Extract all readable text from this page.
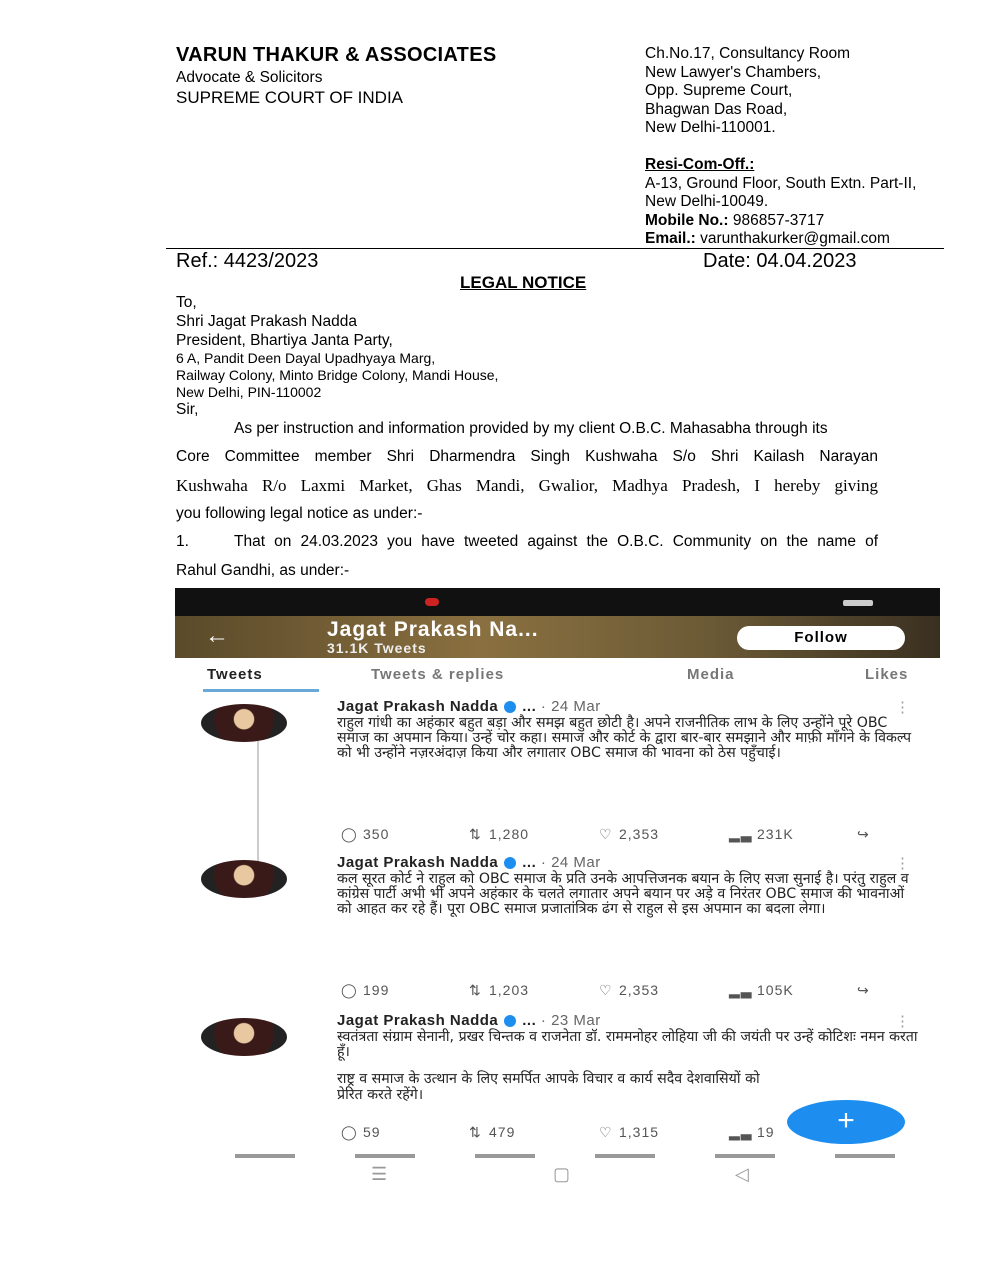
VARUN THAKUR & ASSOCIATES
Advocate & Solicitors
SUPREME COURT OF INDIA
Ch.No.17, Consultancy Room
New Lawyer's Chambers,
Opp. Supreme Court,
Bhagwan Das Road,
New Delhi-110001.
Resi-Com-Off.:
A-13, Ground Floor, South Extn. Part-II,
New Delhi-10049.
Mobile No.: 986857-3717
Email.: varunthakurker@gmail.com
Ref.: 4423/2023	Date: 04.04.2023
LEGAL NOTICE
To,
Shri Jagat Prakash Nadda
President, Bhartiya Janta Party,
6 A, Pandit Deen Dayal Upadhyaya Marg,
Railway Colony, Minto Bridge Colony, Mandi House,
New Delhi, PIN-110002
Sir,
As per instruction and information provided by my client O.B.C. Mahasabha through its
Core Committee member Shri Dharmendra Singh Kushwaha S/o Shri Kailash Narayan
Kushwaha R/o Laxmi Market, Ghas Mandi, Gwalior, Madhya Pradesh, I hereby giving
you following legal notice as under:-
1.	That on 24.03.2023 you have tweeted against the O.B.C. Community on the name of
Rahul Gandhi, as under:-
←	Jagat Prakash Na...
31.1K Tweets
Follow
Tweets	Tweets & replies	Media	Likes
Jagat Prakash Nadda ... · 24 Mar	⋮
राहुल गांधी का अहंकार बहुत बड़ा और समझ बहुत छोटी है। अपने राजनीतिक लाभ के लिए उन्होंने पूरे OBC समाज का अपमान किया। उन्हें चोर कहा। समाज और कोर्ट के द्वारा बार-बार समझाने और माफ़ी माँगने के विकल्प को भी उन्होंने नज़रअंदाज़ किया और लगातार OBC समाज की भावना को ठेस पहुँचाई।
◯ 350	⇅ 1,280	♡ 2,353	▂▃ 231K	↪
Jagat Prakash Nadda ... · 24 Mar	⋮
कल सूरत कोर्ट ने राहुल को OBC समाज के प्रति उनके आपत्तिजनक बयान के लिए सजा सुनाई है। परंतु राहुल व कांग्रेस पार्टी अभी भी अपने अहंकार के चलते लगातार अपने बयान पर अड़े व निरंतर OBC समाज की भावनाओं को आहत कर रहे हैं। पूरा OBC समाज प्रजातांत्रिक ढंग से राहुल से इस अपमान का बदला लेगा।
◯ 199	⇅ 1,203	♡ 2,353	▂▃ 105K	↪
Jagat Prakash Nadda ... · 23 Mar	⋮
स्वतंत्रता संग्राम सेनानी, प्रखर चिन्तक व राजनेता डॉ. राममनोहर लोहिया जी की जयंती पर उन्हें कोटिशः नमन करता हूँ।
राष्ट्र व समाज के उत्थान के लिए समर्पित आपके विचार व कार्य सदैव देशवासियों को प्रेरित करते रहेंगे।
◯ 59	⇅ 479	♡ 1,315	▂▃ 19	+
☰	▢	◁
